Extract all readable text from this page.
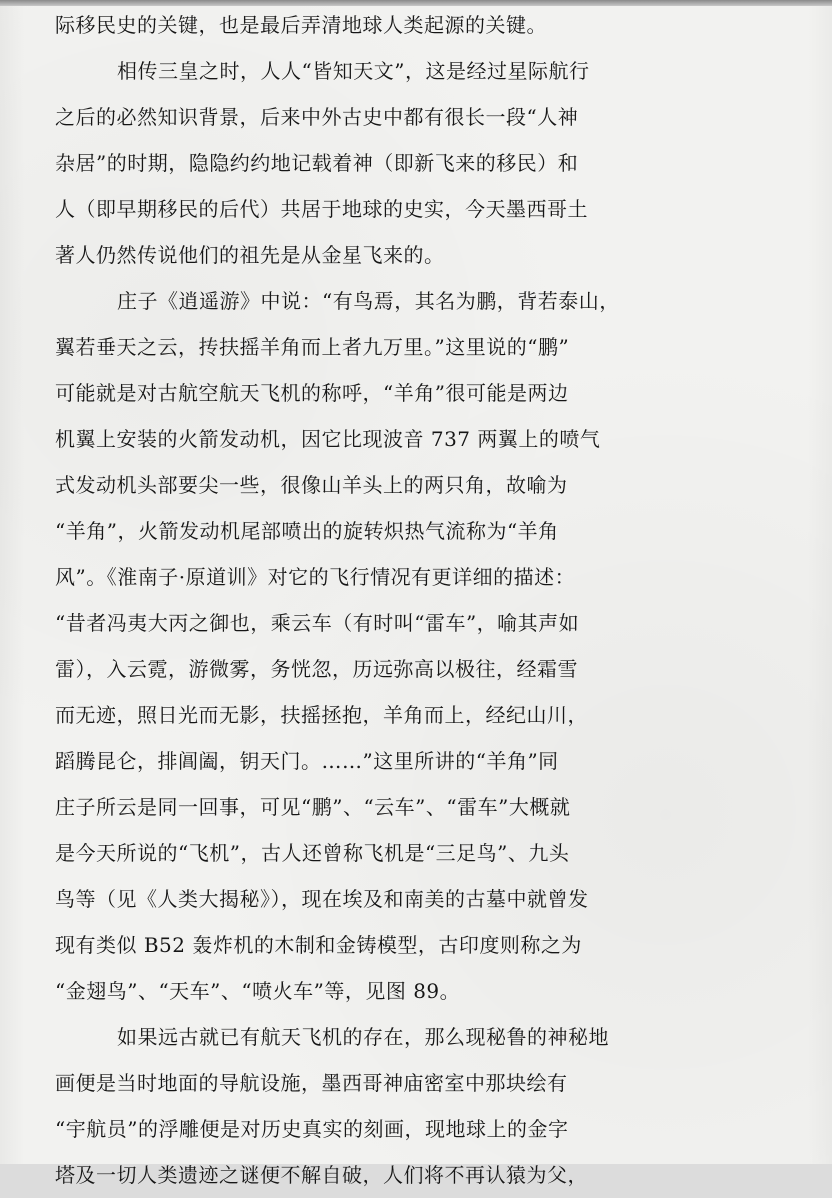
际移民史的关键，也是最后弄清地球人类起源的关键。
相传三皇之时，人人“皆知天文”，这是经过星际航行
之后的必然知识背景，后来中外古史中都有很长一段“人神
杂居”的时期，隐隐约约地记载着神（即新飞来的移民）和
人（即早期移民的后代）共居于地球的史实，今天墨西哥土
著人仍然传说他们的祖先是从金星飞来的。
庄子《逍遥游》中说：“有鸟焉，其名为鹏，背若泰山，
翼若垂天之云，抟扶摇羊角而上者九万里。”这里说的“鹏”
可能就是对古航空航天飞机的称呼，“羊角”很可能是两边
机翼上安装的火箭发动机，因它比现波音 737 两翼上的喷气
式发动机头部要尖一些，很像山羊头上的两只角，故喻为
“羊角”，火箭发动机尾部喷出的旋转炽热气流称为“羊角
风”。《淮南子·原道训》对它的飞行情况有更详细的描述：
“昔者冯夷大丙之御也，乘云车（有时叫“雷车”，喻其声如
雷），入云霓，游微雾，务恍忽，历远弥高以极往，经霜雪
而无迹，照日光而无影，扶摇拯抱，羊角而上，经纪山川，
蹈腾昆仑，排阊阖，钥天门。……”这里所讲的“羊角”同
庄子所云是同一回事，可见“鹏”、“云车”、“雷车”大概就
是今天所说的“飞机”，古人还曾称飞机是“三足鸟”、九头
鸟等（见《人类大揭秘》），现在埃及和南美的古墓中就曾发
现有类似 B52 轰炸机的木制和金铸模型，古印度则称之为
“金翅鸟”、“天车”、“喷火车”等，见图 89。
如果远古就已有航天飞机的存在，那么现秘鲁的神秘地
画便是当时地面的导航设施，墨西哥神庙密室中那块绘有
“宇航员”的浮雕便是对历史真实的刻画，现地球上的金字
塔及一切人类遗迹之谜便不解自破，人们将不再认猿为父，
